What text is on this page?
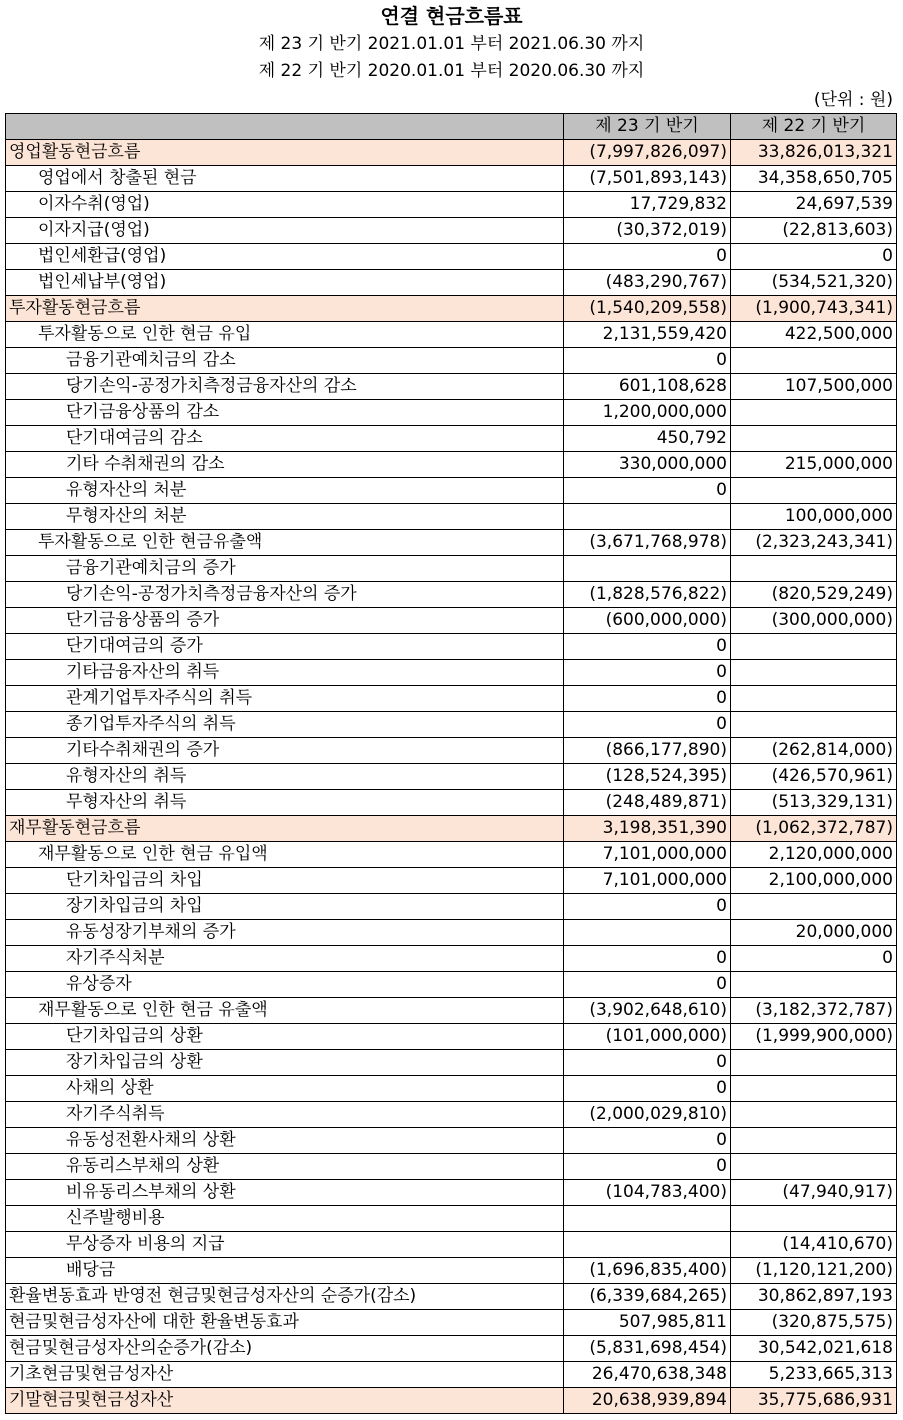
연결 현금흐름표
제 23 기 반기 2021.01.01 부터 2021.06.30 까지
제 22 기 반기 2020.01.01 부터 2020.06.30 까지
(단위 : 원)
	제 23 기 반기	제 22 기 반기
영업활동현금흐름	(7,997,826,097)	33,826,013,321
영업에서 창출된 현금	(7,501,893,143)	34,358,650,705
이자수취(영업)	17,729,832	24,697,539
이자지급(영업)	(30,372,019)	(22,813,603)
법인세환급(영업)	0	0
법인세납부(영업)	(483,290,767)	(534,521,320)
투자활동현금흐름	(1,540,209,558)	(1,900,743,341)
투자활동으로 인한 현금 유입	2,131,559,420	422,500,000
금융기관예치금의 감소	0	
당기손익-공정가치측정금융자산의 감소	601,108,628	107,500,000
단기금융상품의 감소	1,200,000,000	
단기대여금의 감소	450,792	
기타 수취채권의 감소	330,000,000	215,000,000
유형자산의 처분	0	
무형자산의 처분		100,000,000
투자활동으로 인한 현금유출액	(3,671,768,978)	(2,323,243,341)
금융기관예치금의 증가		
당기손익-공정가치측정금융자산의 증가	(1,828,576,822)	(820,529,249)
단기금융상품의 증가	(600,000,000)	(300,000,000)
단기대여금의 증가	0	
기타금융자산의 취득	0	
관계기업투자주식의 취득	0	
종기업투자주식의 취득	0	
기타수취채권의 증가	(866,177,890)	(262,814,000)
유형자산의 취득	(128,524,395)	(426,570,961)
무형자산의 취득	(248,489,871)	(513,329,131)
재무활동현금흐름	3,198,351,390	(1,062,372,787)
재무활동으로 인한 현금 유입액	7,101,000,000	2,120,000,000
단기차입금의 차입	7,101,000,000	2,100,000,000
장기차입금의 차입	0	
유동성장기부채의 증가		20,000,000
자기주식처분	0	0
유상증자	0	
재무활동으로 인한 현금 유출액	(3,902,648,610)	(3,182,372,787)
단기차입금의 상환	(101,000,000)	(1,999,900,000)
장기차입금의 상환	0	
사채의 상환	0	
자기주식취득	(2,000,029,810)	
유동성전환사채의 상환	0	
유동리스부채의 상환	0	
비유동리스부채의 상환	(104,783,400)	(47,940,917)
신주발행비용		
무상증자 비용의 지급		(14,410,670)
배당금	(1,696,835,400)	(1,120,121,200)
환율변동효과 반영전 현금및현금성자산의 순증가(감소)	(6,339,684,265)	30,862,897,193
현금및현금성자산에 대한 환율변동효과	507,985,811	(320,875,575)
현금및현금성자산의순증가(감소)	(5,831,698,454)	30,542,021,618
기초현금및현금성자산	26,470,638,348	5,233,665,313
기말현금및현금성자산	20,638,939,894	35,775,686,931
